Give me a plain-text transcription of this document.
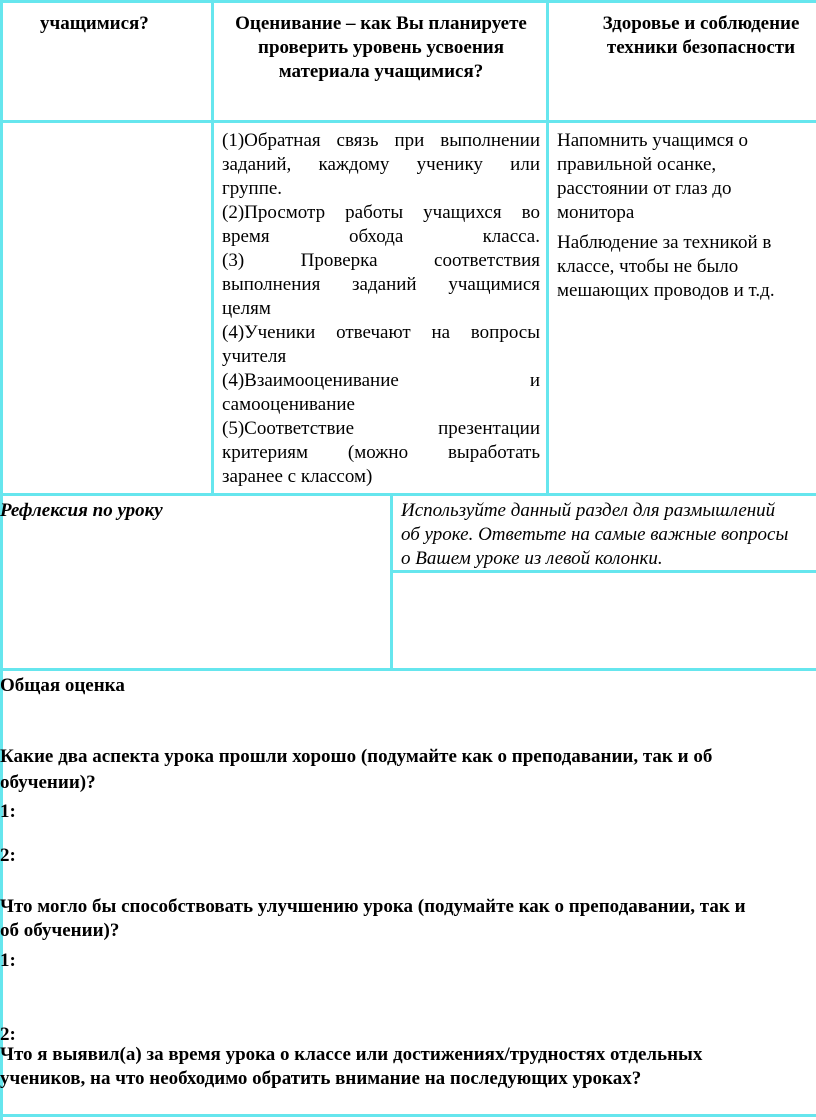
учащимися?	Оценивание – как Вы планируете проверить уровень усвоения материала учащимися?
Здоровье и соблюдение техники безопасности
(1)Обратная связь при выполнении
заданий, каждому ученику или
группе.
(2)Просмотр работы учащихся во
время обхода класса.
(3) Проверка соответствия
выполнения заданий учащимися
целям
(4)Ученики отвечают на вопросы
учителя
(4)Взаимооценивание и
самооценивание
(5)Соответствие презентации
критериям (можно выработать
заранее с классом)

Напомнить учащимся о правильной осанке, расстоянии от глаз до монитора

Наблюдение за техникой в классе, чтобы не было мешающих проводов и т.д.

Рефлексия по уроку	Используйте данный раздел для размышлений
об уроке. Ответьте на самые важные вопросы
о Вашем уроке из левой колонки.
Общая оценка
Какие два аспекта урока прошли хорошо (подумайте как о преподавании, так и об
обучении)?
1:
2:
Что могло бы способствовать улучшению урока (подумайте как о преподавании, так и
об обучении)?
1:
2:
Что я выявил(а) за время урока о классе или достижениях/трудностях отдельных
учеников, на что необходимо обратить внимание на последующих уроках?
